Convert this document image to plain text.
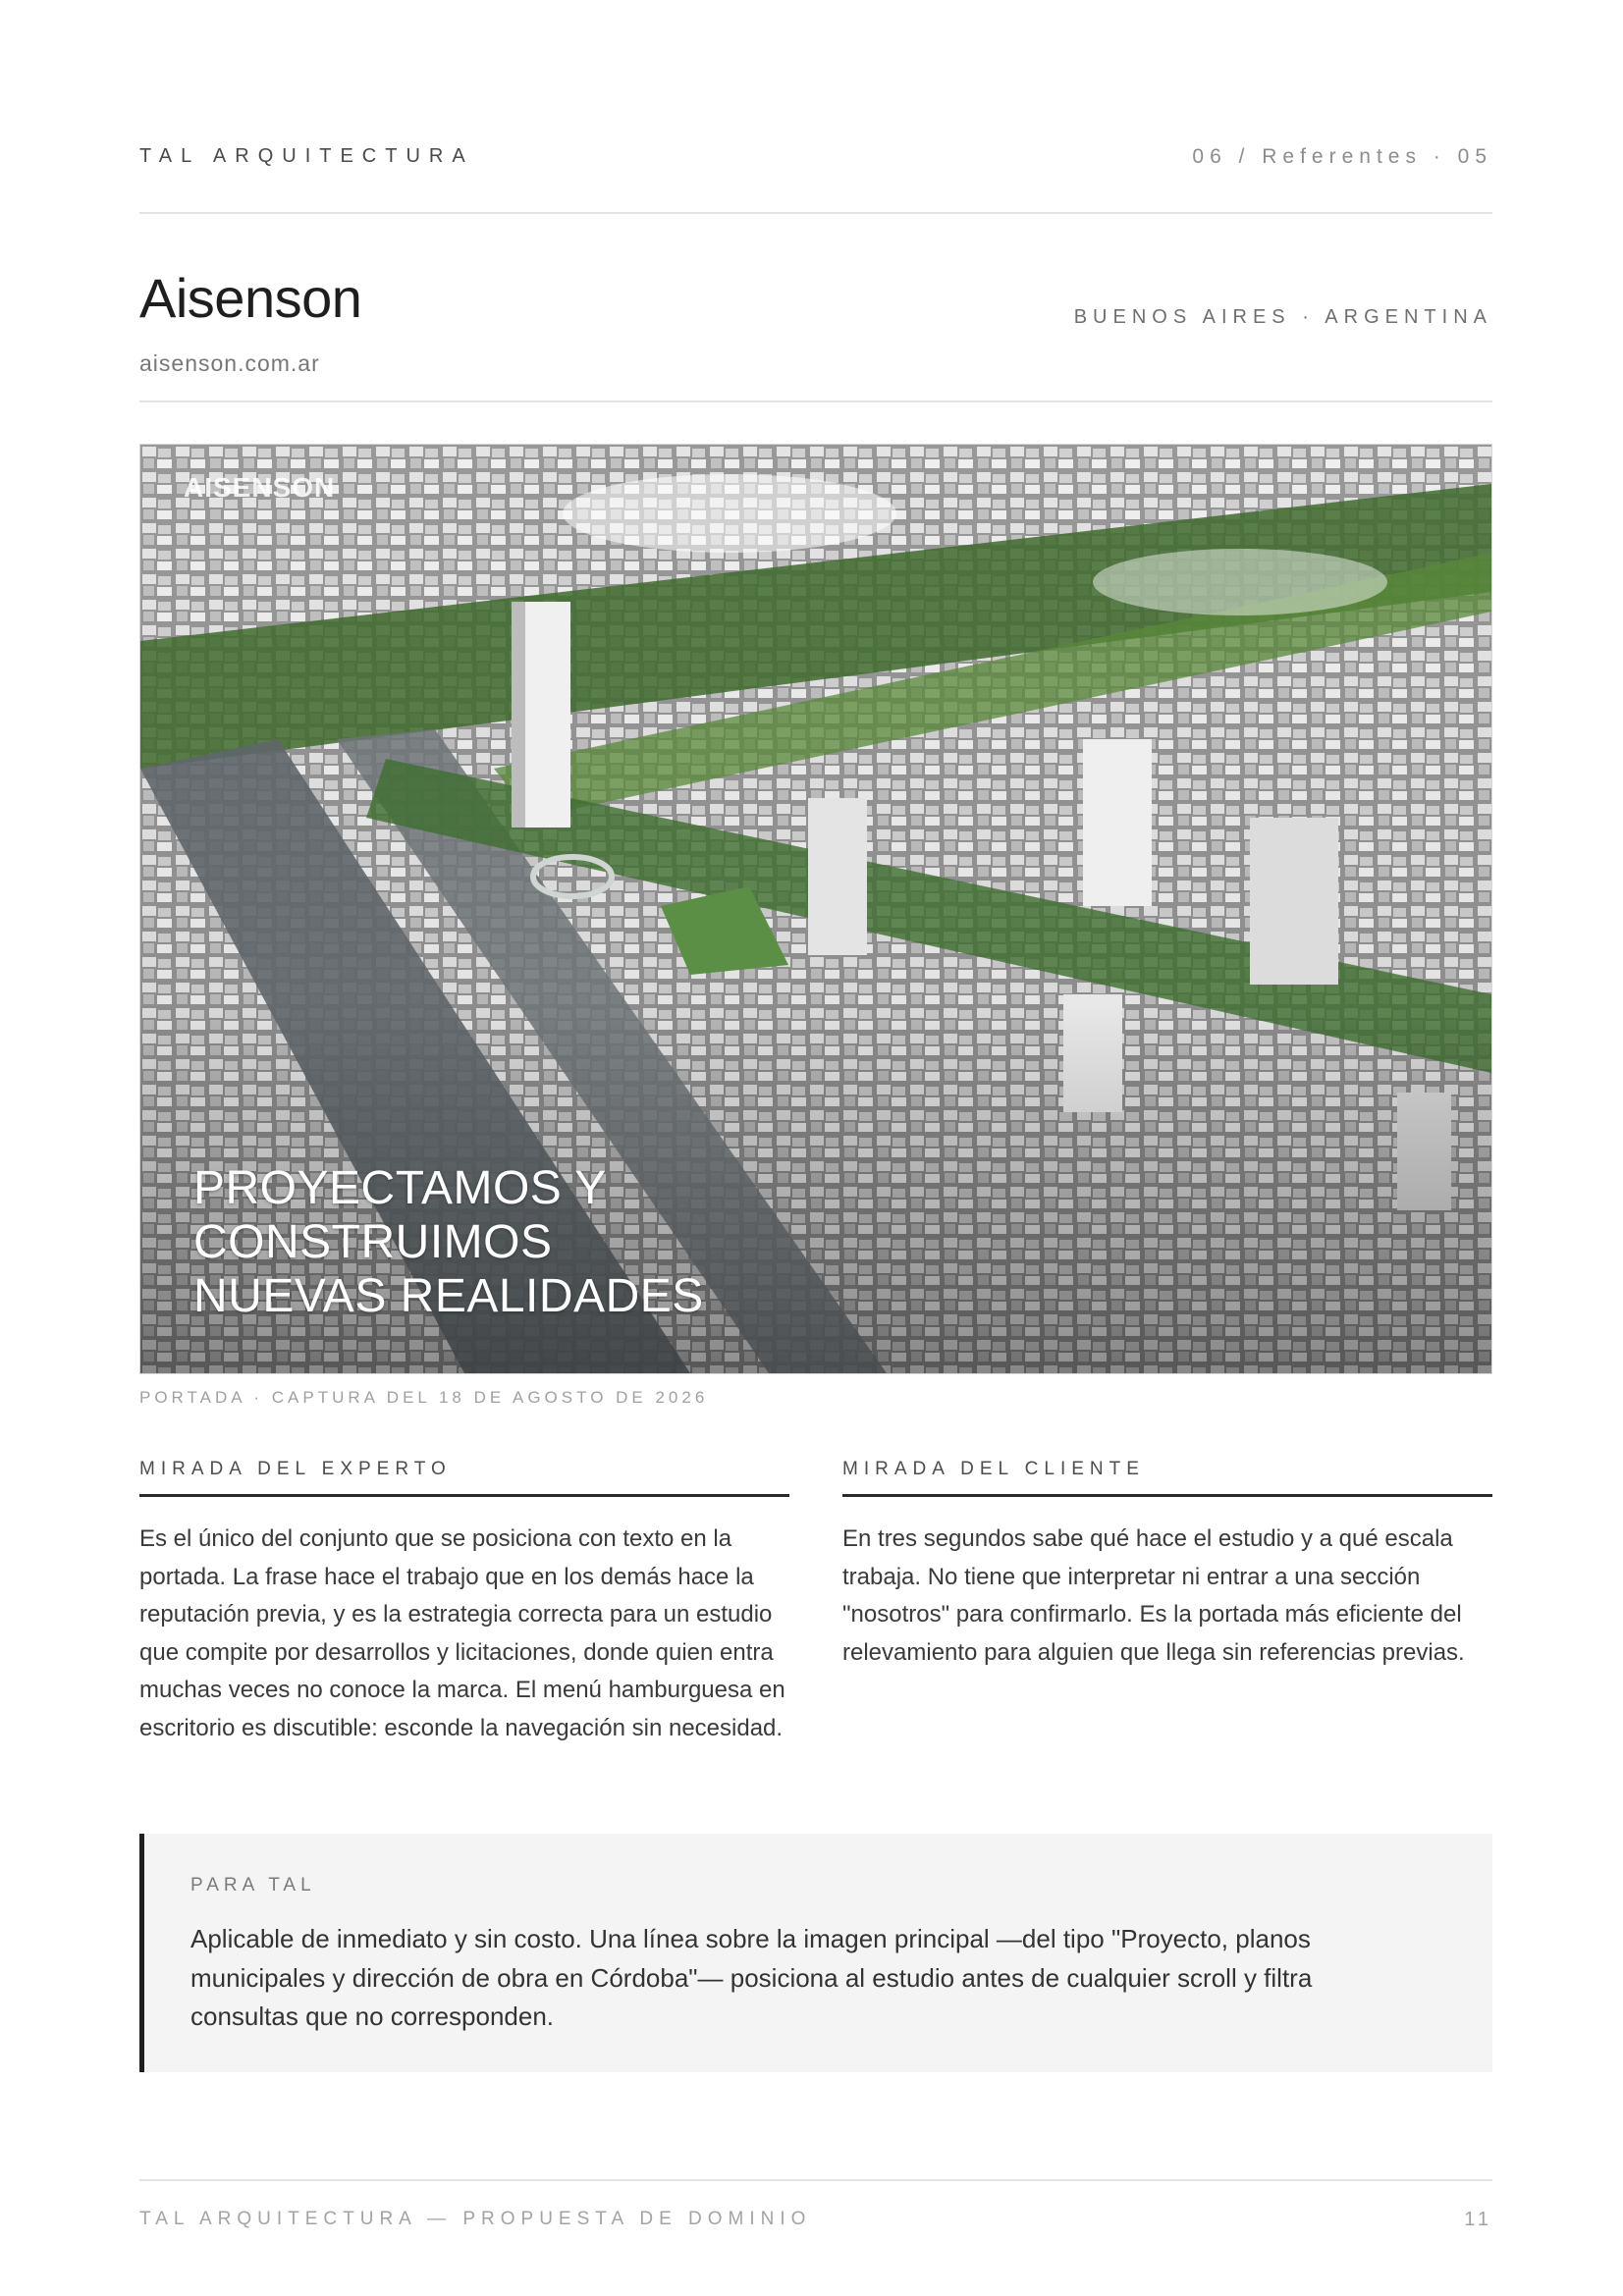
TAL ARQUITECTURA	06 / Referentes · 05
Aisenson
aisenson.com.ar
BUENOS AIRES · ARGENTINA
AISENSON
PROYECTAMOS Y
CONSTRUIMOS
NUEVAS REALIDADES
PORTADA · CAPTURA DEL 18 DE AGOSTO DE 2026
MIRADA DEL EXPERTO
Es el único del conjunto que se posiciona con texto en la portada. La frase hace el trabajo que en los demás hace la reputación previa, y es la estrategia correcta para un estudio que compite por desarrollos y licitaciones, donde quien entra muchas veces no conoce la marca. El menú hamburguesa en escritorio es discutible: esconde la navegación sin necesidad.
MIRADA DEL CLIENTE
En tres segundos sabe qué hace el estudio y a qué escala trabaja. No tiene que interpretar ni entrar a una sección "nosotros" para confirmarlo. Es la portada más eficiente del relevamiento para alguien que llega sin referencias previas.
PARA TAL
Aplicable de inmediato y sin costo. Una línea sobre la imagen principal —del tipo "Proyecto, planos municipales y dirección de obra en Córdoba"— posiciona al estudio antes de cualquier scroll y filtra consultas que no corresponden.
TAL ARQUITECTURA — PROPUESTA DE DOMINIO	11
